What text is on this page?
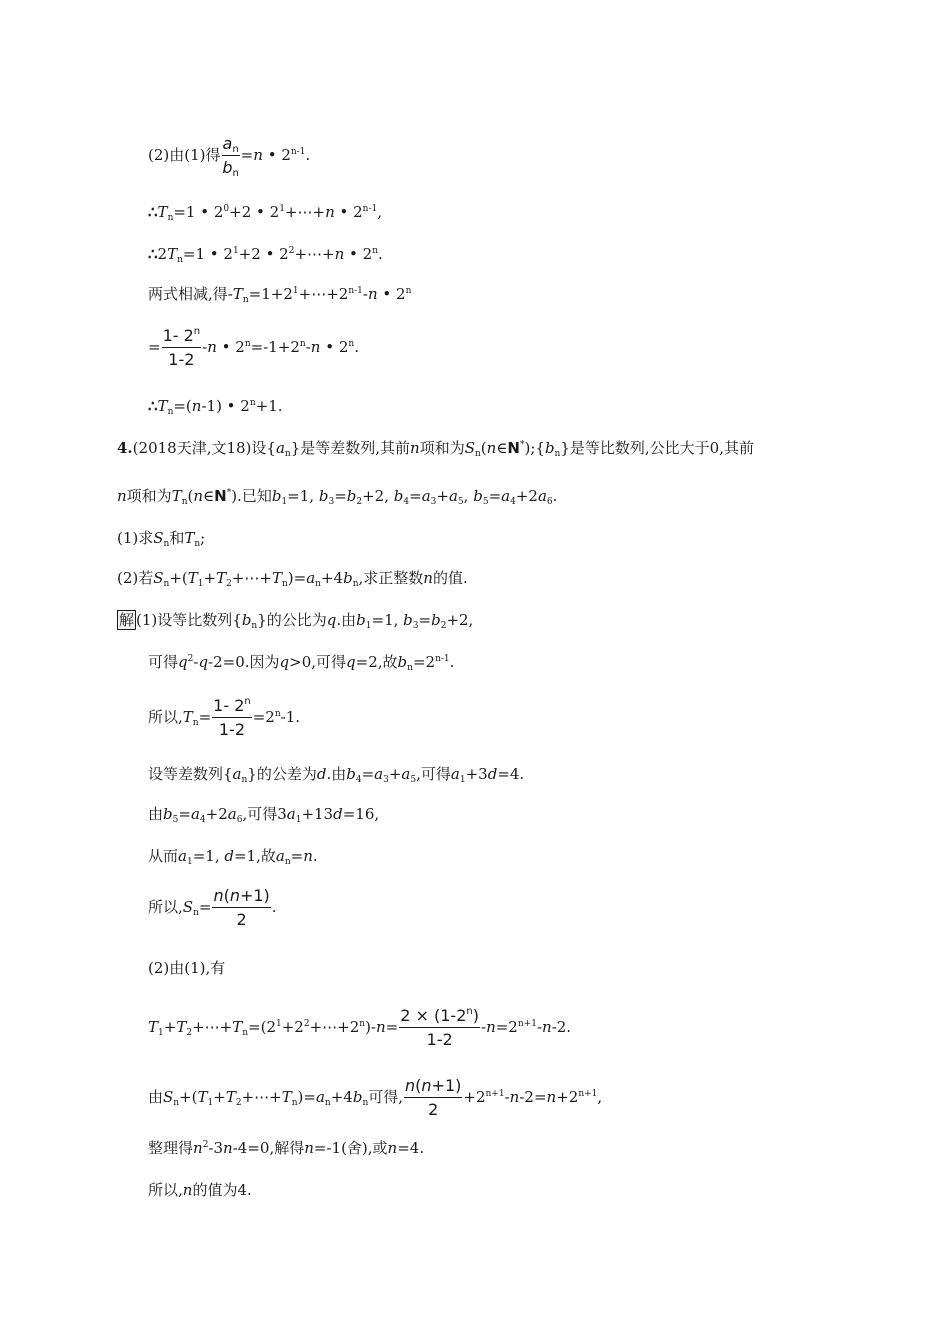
(2)由(1)得 $\frac{a_n}{b_n} =n$ • 2$^{n-1}$.
$\therefore T_n=1$ • $2^0+2$ • $2^1+\cdots+n$ • 2$^{n-1}$,
$\therefore 2T_n=1$ • $2^1+2$ • $2^2+\cdots+n$ • 2$^n$.
两式相减,得$-T_n=1+2^1+\cdots+2^{n-1}-n$ • $2^n$
= $\frac{1- 2^n}{1-2} -n$ • $2^n=-1+2^n-n$ • 2$^n$.
$\therefore T_n=(n-1)$ • $2^n+1$.
4.(2018天津,文18)设$\{a_n\}$是等差数列,其前n项和为$S_n(n\in N^*);\{b_n\}$是等比数列,公比大于0,其前
n项和为$T_n(n\in N^*)$.已知$b_1=1$, $b_3=b_2+2$, $b_4=a_3+a_5$, $b_5=a_4+2a_6$.
(1)求$S_n$和$T_n$;
(2)若$S_n+(T_1+T_2+\cdots+T_n)=a_n+4b_n$,求正整数n的值.
解 (1)设等比数列$\{b_n\}$的公比为q.由$b_1=1$, $b_3=b_2+2$,
可得$q^2-q-2=0$.因为q>0,可得q=2,故$b_n=2^{n-1}$.
所以$,T_n= \frac{1- 2^n}{1-2} =2^n-1$.
设等差数列$\{a_n\}$的公差为d.由$b_4=a_3+a_5$,可得$a_1+3d=4$.
由$b_5=a_4+2a_6$,可得$3a_1+13d=16$,
从而$a_1=1$, d=1,故$a_n=n$.
所以$,S_n= \frac{n(n+1)}{2}$ .
(2)由(1),有
$T_1+T_2+\cdots+T_n=(2^1+2^2+\cdots+2^n)-n= \frac{2 \times (1-2^n)}{1-2} -n=2^{n+1}-n-2$.
由$S_n+(T_1+T_2+\cdots+T_n)=a_n+4b_n$可得, $\frac{n(n+1)}{2} +2^{n+1}-n-2=n+2^{n+1}$,
整理得$n^2-3n-4=0$,解得n=-1(舍),或n=4.
所以,n的值为4.
